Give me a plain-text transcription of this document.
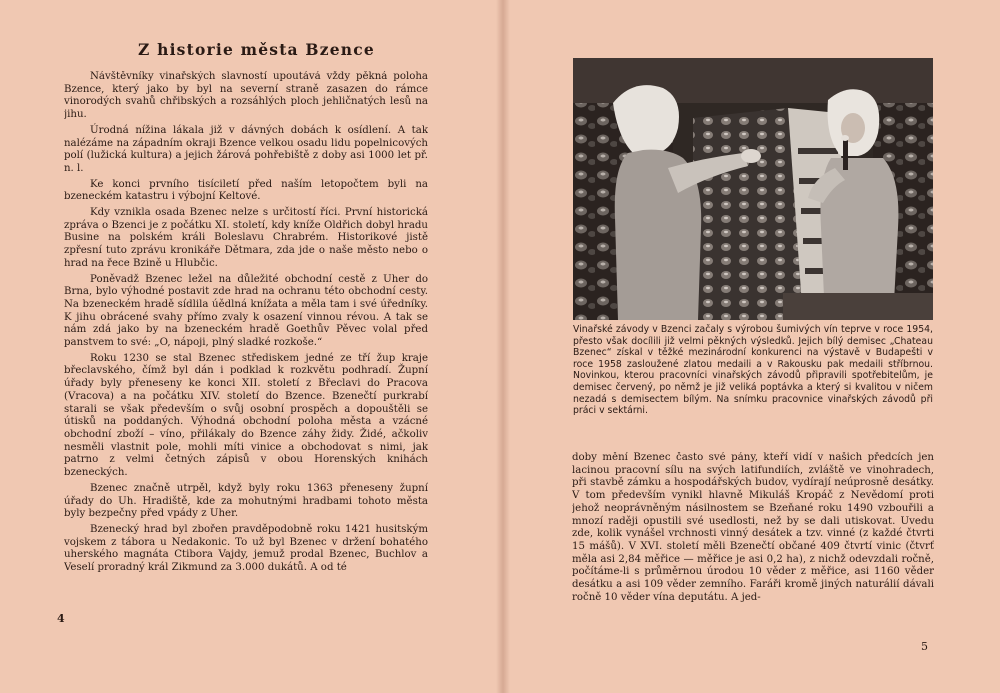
Z historie města Bzence

Návštěvníky vinařských slavností upoutává vždy pěkná poloha Bzence, který jako by byl na severní straně zasazen do rámce vinorodých svahů chřibských a rozsáhlých ploch jehličnatých lesů na jihu.

Úrodná nížina lákala již v dávných dobách k osídlení. A tak nalézáme na západním okraji Bzence velkou osadu lidu popelnicových polí (lužická kultura) a jejich žárová pohřebiště z doby asi 1000 let př. n. l.

Ke konci prvního tisíciletí před naším letopočtem byli na bzeneckém katastru i výbojní Keltové.

Kdy vznikla osada Bzenec nelze s určitostí říci. První historická zpráva o Bzenci je z počátku XI. století, kdy kníže Oldřich dobyl hradu Busine na polském králi Boleslavu Chrabrém. Historikové jistě zpřesní tuto zprávu kronikáře Dětmara, zda jde o naše město nebo o hrad na řece Bzině u Hlubčic.

Poněvadž Bzenec ležel na důležité obchodní cestě z Uher do Brna, bylo výhodné postavit zde hrad na ochranu této obchodní cesty. Na bzeneckém hradě sídlila úědlná knížata a měla tam i své úředníky. K jihu obrácené svahy přímo zvaly k osazení vinnou révou. A tak se nám zdá jako by na bzeneckém hradě Goethův Pěvec volal před panstvem to své: „O, nápoji, plný sladké rozkoše.“

Roku 1230 se stal Bzenec střediskem jedné ze tří žup kraje břeclavského, čímž byl dán i podklad k rozkvětu podhradí. Župní úřady byly přeneseny ke konci XII. století z Břeclavi do Pracova (Vracova) a na počátku XIV. století do Bzence. Bzenečtí purkrabí starali se však především o svůj osobní prospěch a dopouštěli se útisků na poddaných. Výhodná obchodní poloha města a vzácné obchodní zboží – víno, přilákaly do Bzence záhy židy. Židé, ačkoliv nesměli vlastnit pole, mohli míti vinice a obchodovat s nimi, jak patrno z velmi četných zápisů v obou Horenských knihách bzeneckých.

Bzenec značně utrpěl, když byly roku 1363 přeneseny župní úřady do Uh. Hradiště, kde za mohutnými hradbami tohoto města byly bezpečny před vpády z Uher.

Bzenecký hrad byl zbořen pravděpodobně roku 1421 husitským vojskem z tábora u Nedakonic. To už byl Bzenec v držení bohatého uherského magnáta Ctibora Vajdy, jemuž prodal Bzenec, Buchlov a Veselí proradný král Zikmund za 3.000 dukátů. A od té

4
Vinařské závody v Bzenci začaly s výrobou šumivých vín teprve v roce 1954, přesto však docílili již velmi pěkných výsledků. Jejich bílý demisec „Chateau Bzenec“ získal v těžké mezinárodní konkurenci na výstavě v Budapešti v roce 1958 zasloužené zlatou medaili a v Rakousku pak medaili stříbrnou. Novinkou, kterou pracovníci vinařských závodů připravili spotřebitelům, je demisec červený, po němž je již veliká poptávka a který si kvalitou v ničem nezadá s demisectem bílým. Na snímku pracovnice vinařských závodů při práci v sektárni.

doby mění Bzenec často své pány, kteří vidí v našich předcích jen lacinou pracovní sílu na svých latifundiích, zvláště ve vinohradech, při stavbě zámku a hospodářských budov, vydírají neúprosně desátky. V tom především vynikl hlavně Mikuláš Kropáč z Nevědomí proti jehož neoprávněným násilnostem se Bzeňané roku 1490 vzbouřili a mnozí raději opustili své usedlosti, než by se dali utiskovat. Uvedu zde, kolik vynášel vrchnosti vinný desátek a tzv. vinné (z každé čtvrti 15 mášů). V XVI. století měli Bzenečtí občané 409 čtvrtí vinic (čtvrť měla asi 2,84 měřice — měřice je asi 0,2 ha), z nichž odevzdali ročně, počítáme-li s průměrnou úrodou 10 věder z měřice, asi 1160 věder desátku a asi 109 věder zemního. Faráři kromě jiných naturálií dávali ročně 10 věder vína deputátu. A jed-

5
